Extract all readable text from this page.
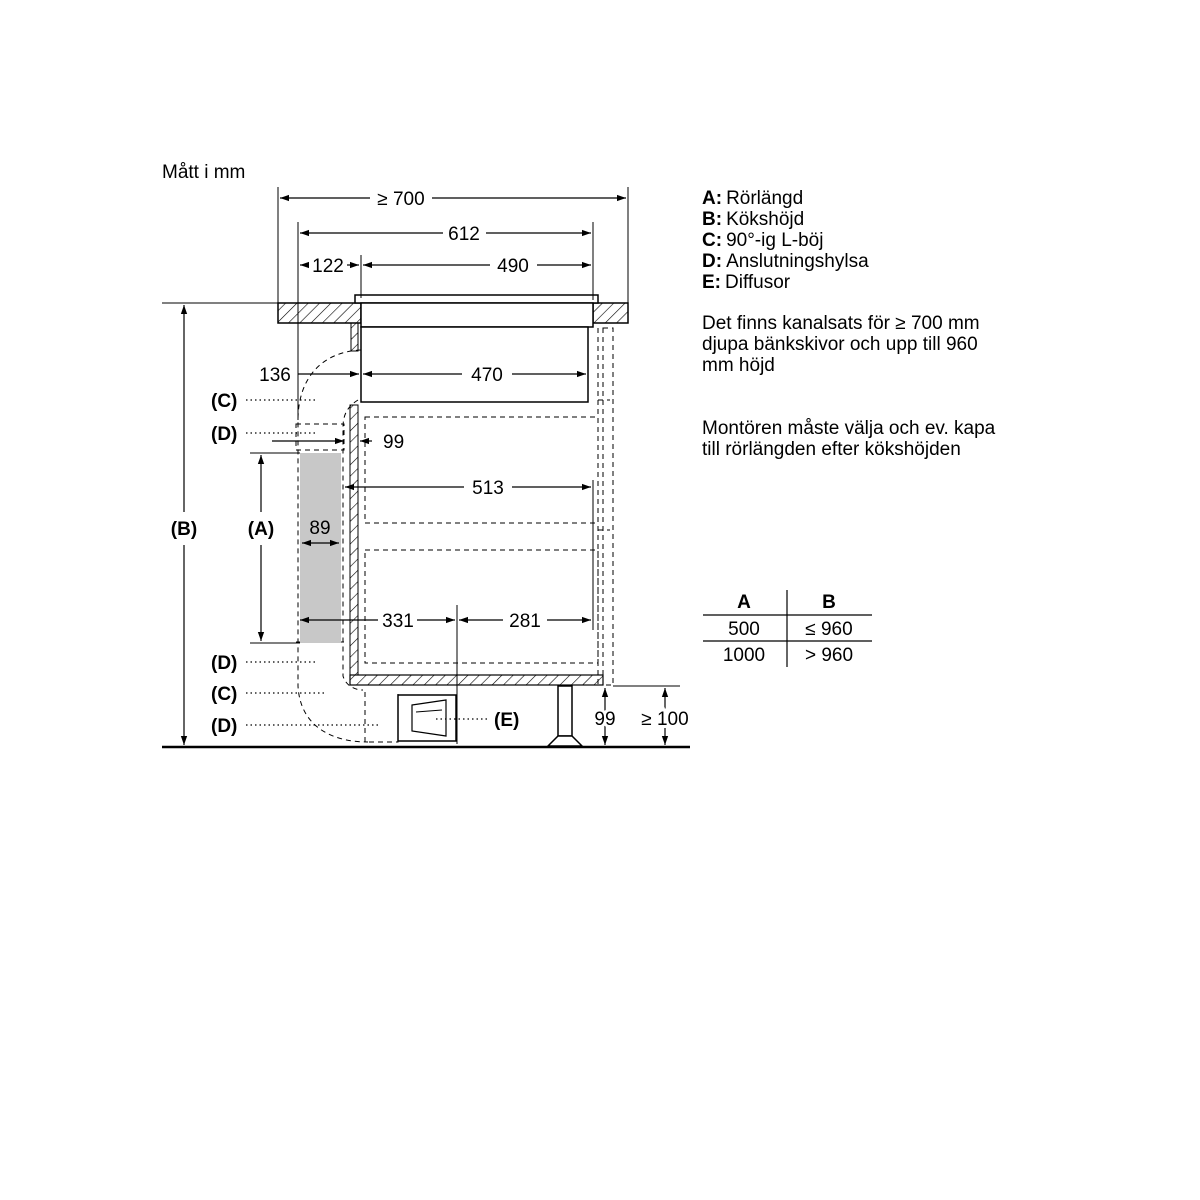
Mått i mm
≥ 700
612
122	490
136	470
99
513
89
331	281
99 ≥ 100
(B)	(A)
(C)
(D)
(D)
(C)
(D)	(E)
A: Rörlängd
B: Kökshöjd
C: 90°-ig L-böj
D: Anslutningshylsa
E: Diffusor
Det finns kanalsats för ≥ 700 mm
djupa bänkskivor och upp till 960
mm höjd
Montören måste välja och ev. kapa
till rörlängden efter kökshöjden
A	B
500 ≤ 960
1000 > 960
